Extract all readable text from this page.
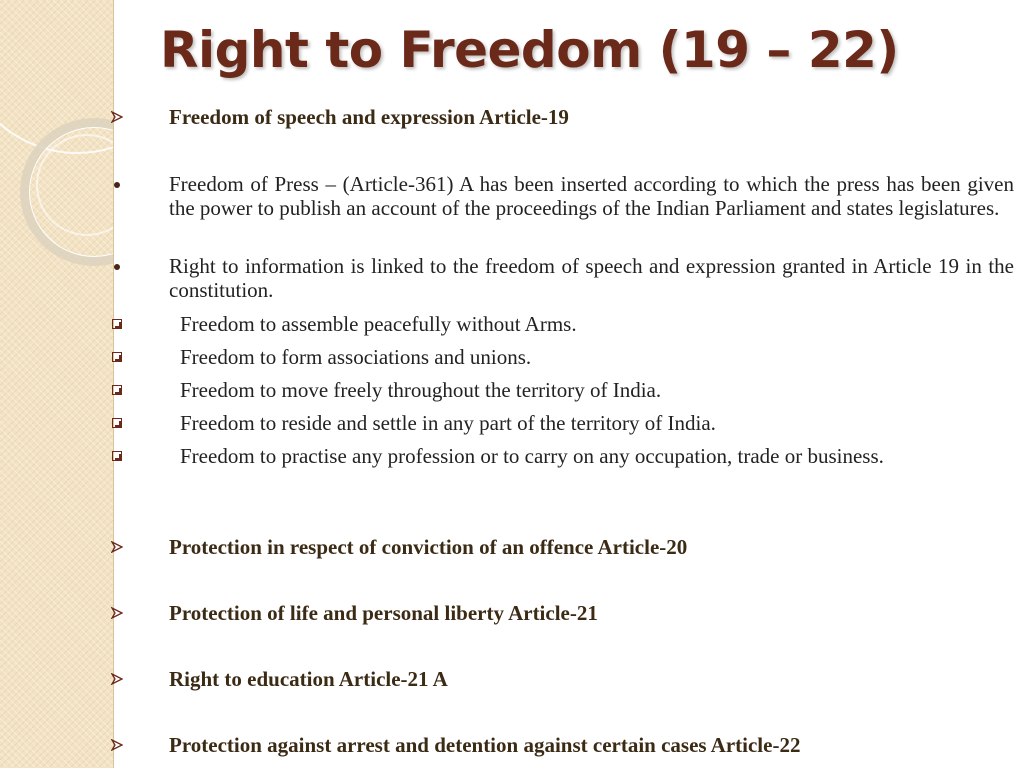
Right to Freedom (19 – 22)
Freedom of speech and expression Article-19
Freedom of Press – (Article-361) A has been inserted according to which the press has been given the power to publish an account of the proceedings of the Indian Parliament and states legislatures.
Right to information is linked to the freedom of speech and expression granted in Article 19 in the constitution.
Freedom to assemble peacefully without Arms.
Freedom to form associations and unions.
Freedom to move freely throughout the territory of India.
Freedom to reside and settle in any part of the territory of India.
Freedom to practise any profession or to carry on any occupation, trade or business.
Protection in respect of conviction of an offence Article-20
Protection of life and personal liberty Article-21
Right to education Article-21 A
Protection against arrest and detention against certain cases Article-22
